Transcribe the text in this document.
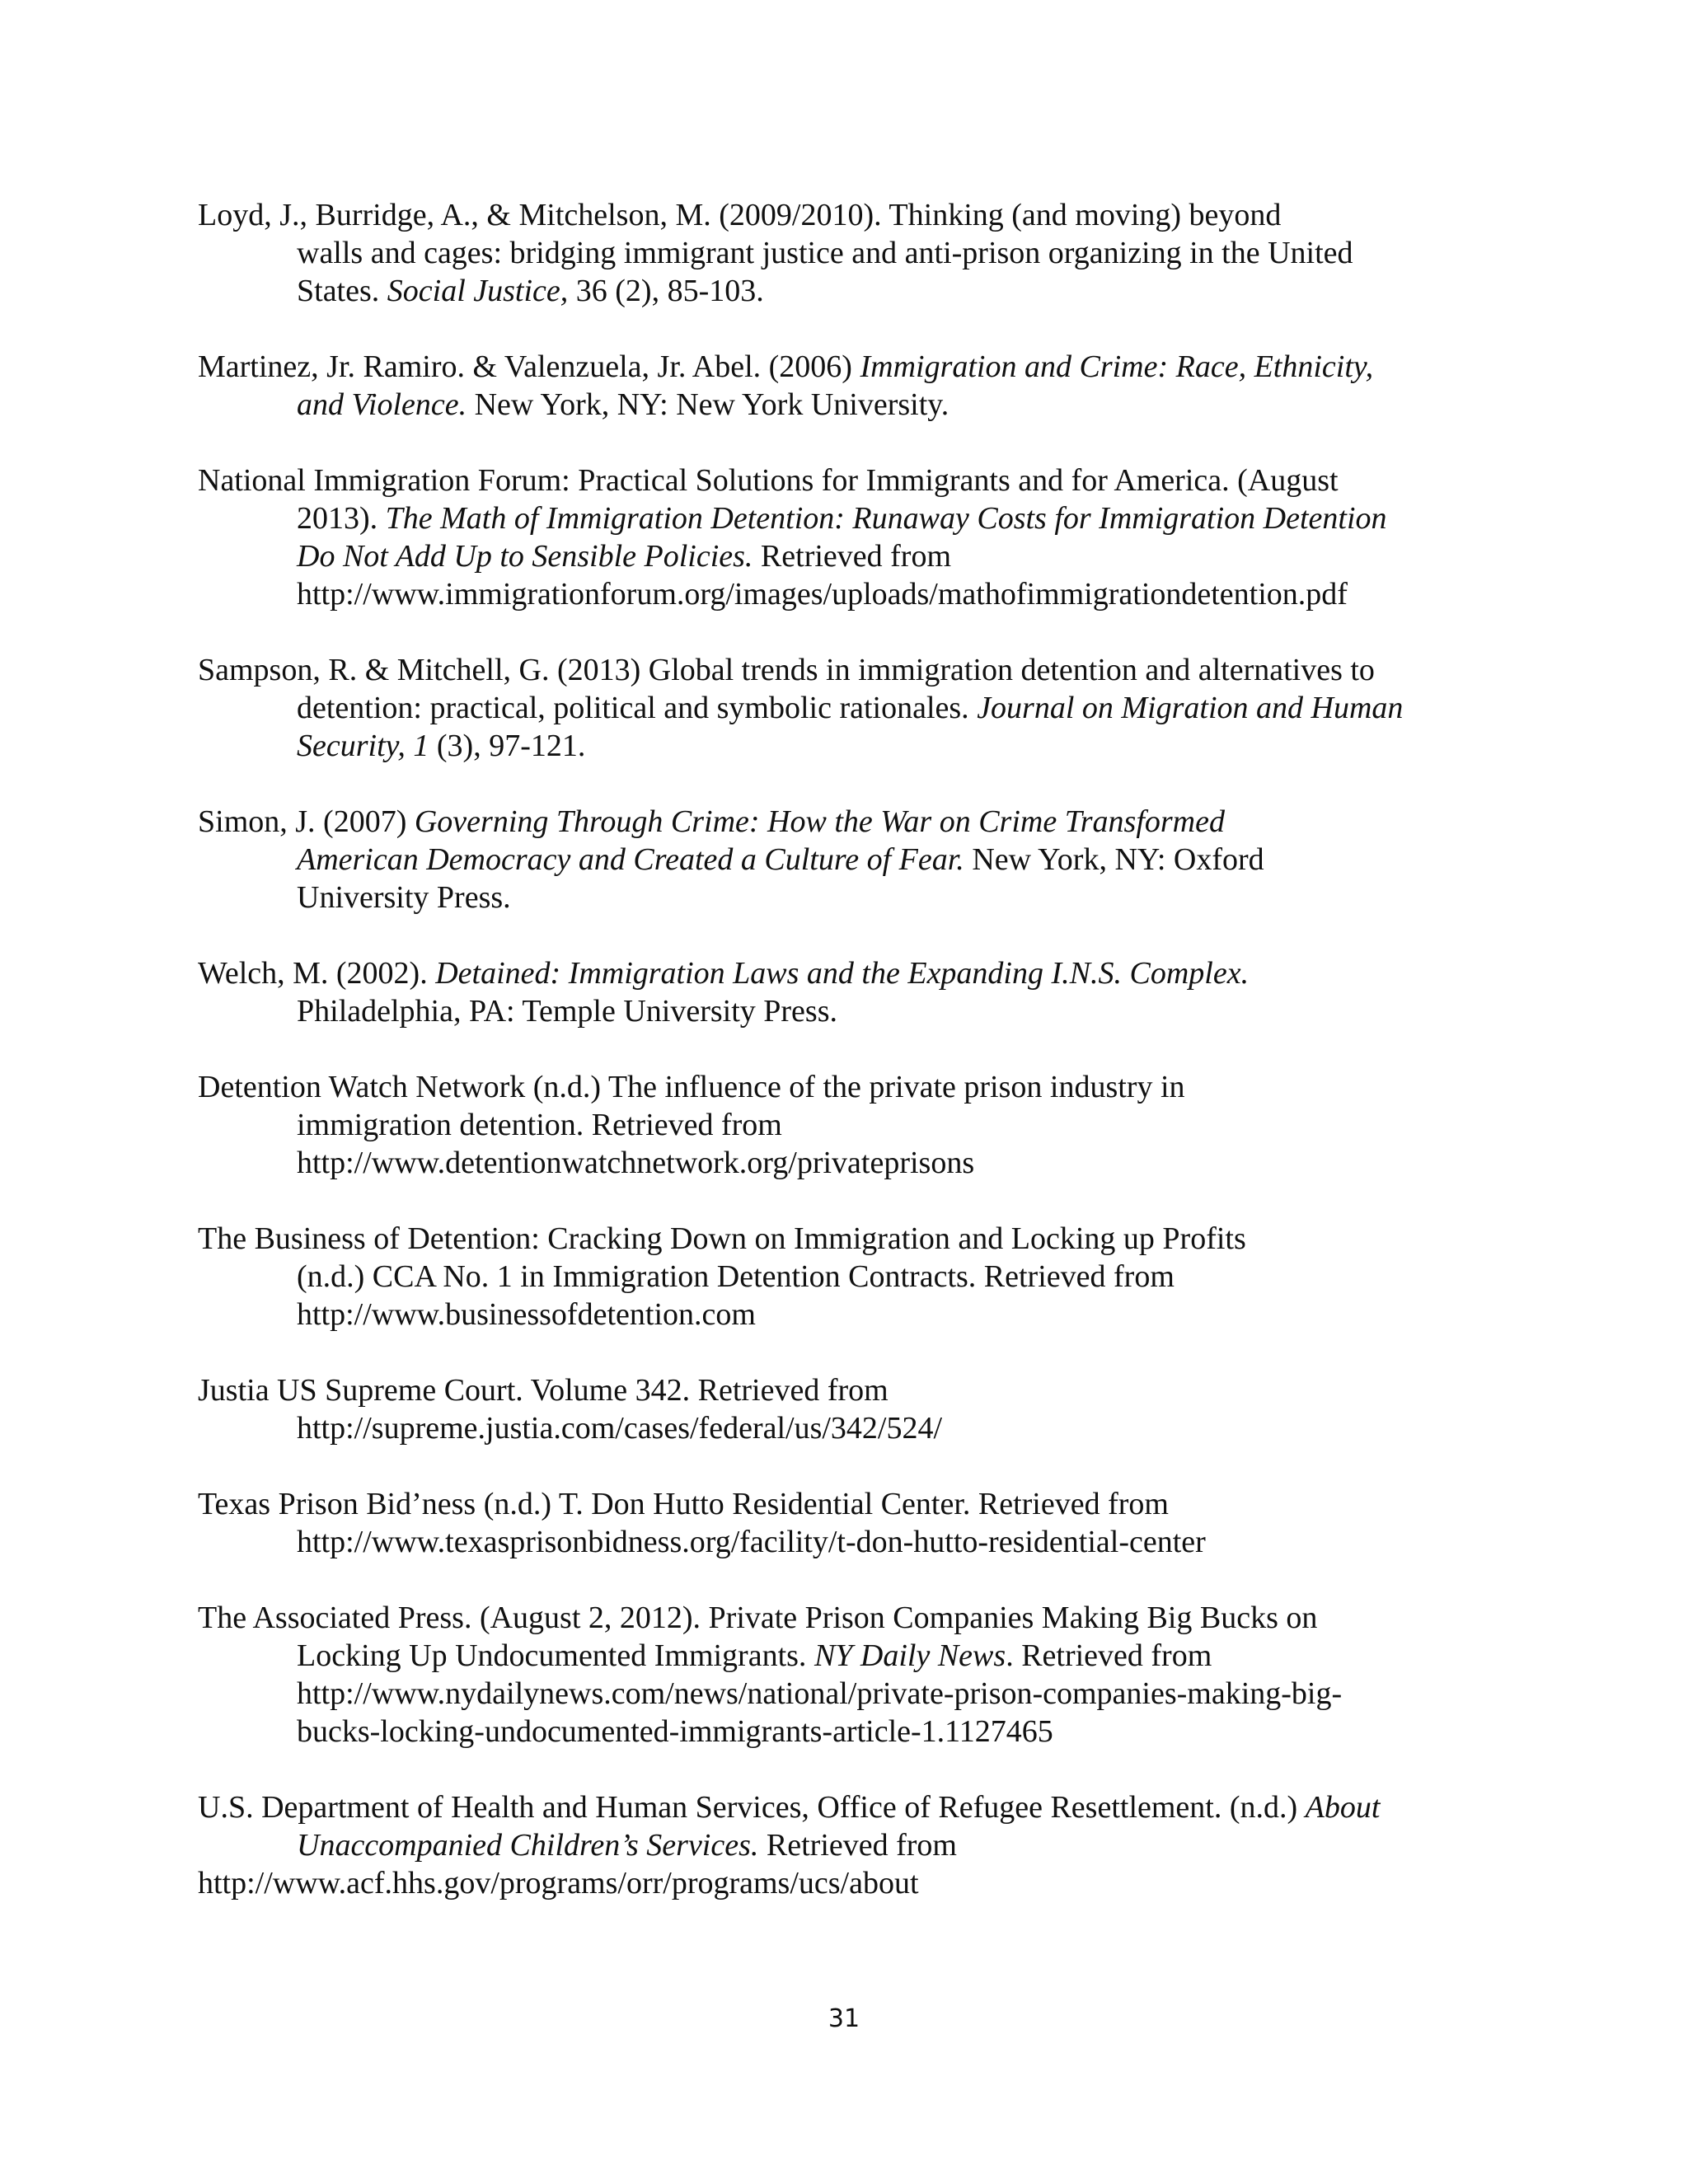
Loyd, J., Burridge, A., & Mitchelson, M. (2009/2010). Thinking (and moving) beyond
walls and cages: bridging immigrant justice and anti-prison organizing in the United
States. Social Justice, 36 (2), 85-103.
Martinez, Jr. Ramiro. & Valenzuela, Jr. Abel. (2006) Immigration and Crime: Race, Ethnicity,
and Violence. New York, NY: New York University.
National Immigration Forum: Practical Solutions for Immigrants and for America. (August
2013). The Math of Immigration Detention: Runaway Costs for Immigration Detention
Do Not Add Up to Sensible Policies. Retrieved from
http://www.immigrationforum.org/images/uploads/mathofimmigrationdetention.pdf
Sampson, R. & Mitchell, G. (2013) Global trends in immigration detention and alternatives to
detention: practical, political and symbolic rationales. Journal on Migration and Human
Security, 1 (3), 97-121.
Simon, J. (2007) Governing Through Crime: How the War on Crime Transformed
American Democracy and Created a Culture of Fear. New York, NY: Oxford
University Press.
Welch, M. (2002). Detained: Immigration Laws and the Expanding I.N.S. Complex.
Philadelphia, PA: Temple University Press.
Detention Watch Network (n.d.) The influence of the private prison industry in
immigration detention. Retrieved from
http://www.detentionwatchnetwork.org/privateprisons
The Business of Detention: Cracking Down on Immigration and Locking up Profits
(n.d.) CCA No. 1 in Immigration Detention Contracts. Retrieved from
http://www.businessofdetention.com
Justia US Supreme Court. Volume 342. Retrieved from
http://supreme.justia.com/cases/federal/us/342/524/
Texas Prison Bid’ness (n.d.) T. Don Hutto Residential Center. Retrieved from
http://www.texasprisonbidness.org/facility/t-don-hutto-residential-center
The Associated Press. (August 2, 2012). Private Prison Companies Making Big Bucks on
Locking Up Undocumented Immigrants. NY Daily News. Retrieved from
http://www.nydailynews.com/news/national/private-prison-companies-making-big-
bucks-locking-undocumented-immigrants-article-1.1127465
U.S. Department of Health and Human Services, Office of Refugee Resettlement. (n.d.) About
Unaccompanied Children’s Services. Retrieved from
http://www.acf.hhs.gov/programs/orr/programs/ucs/about
31
